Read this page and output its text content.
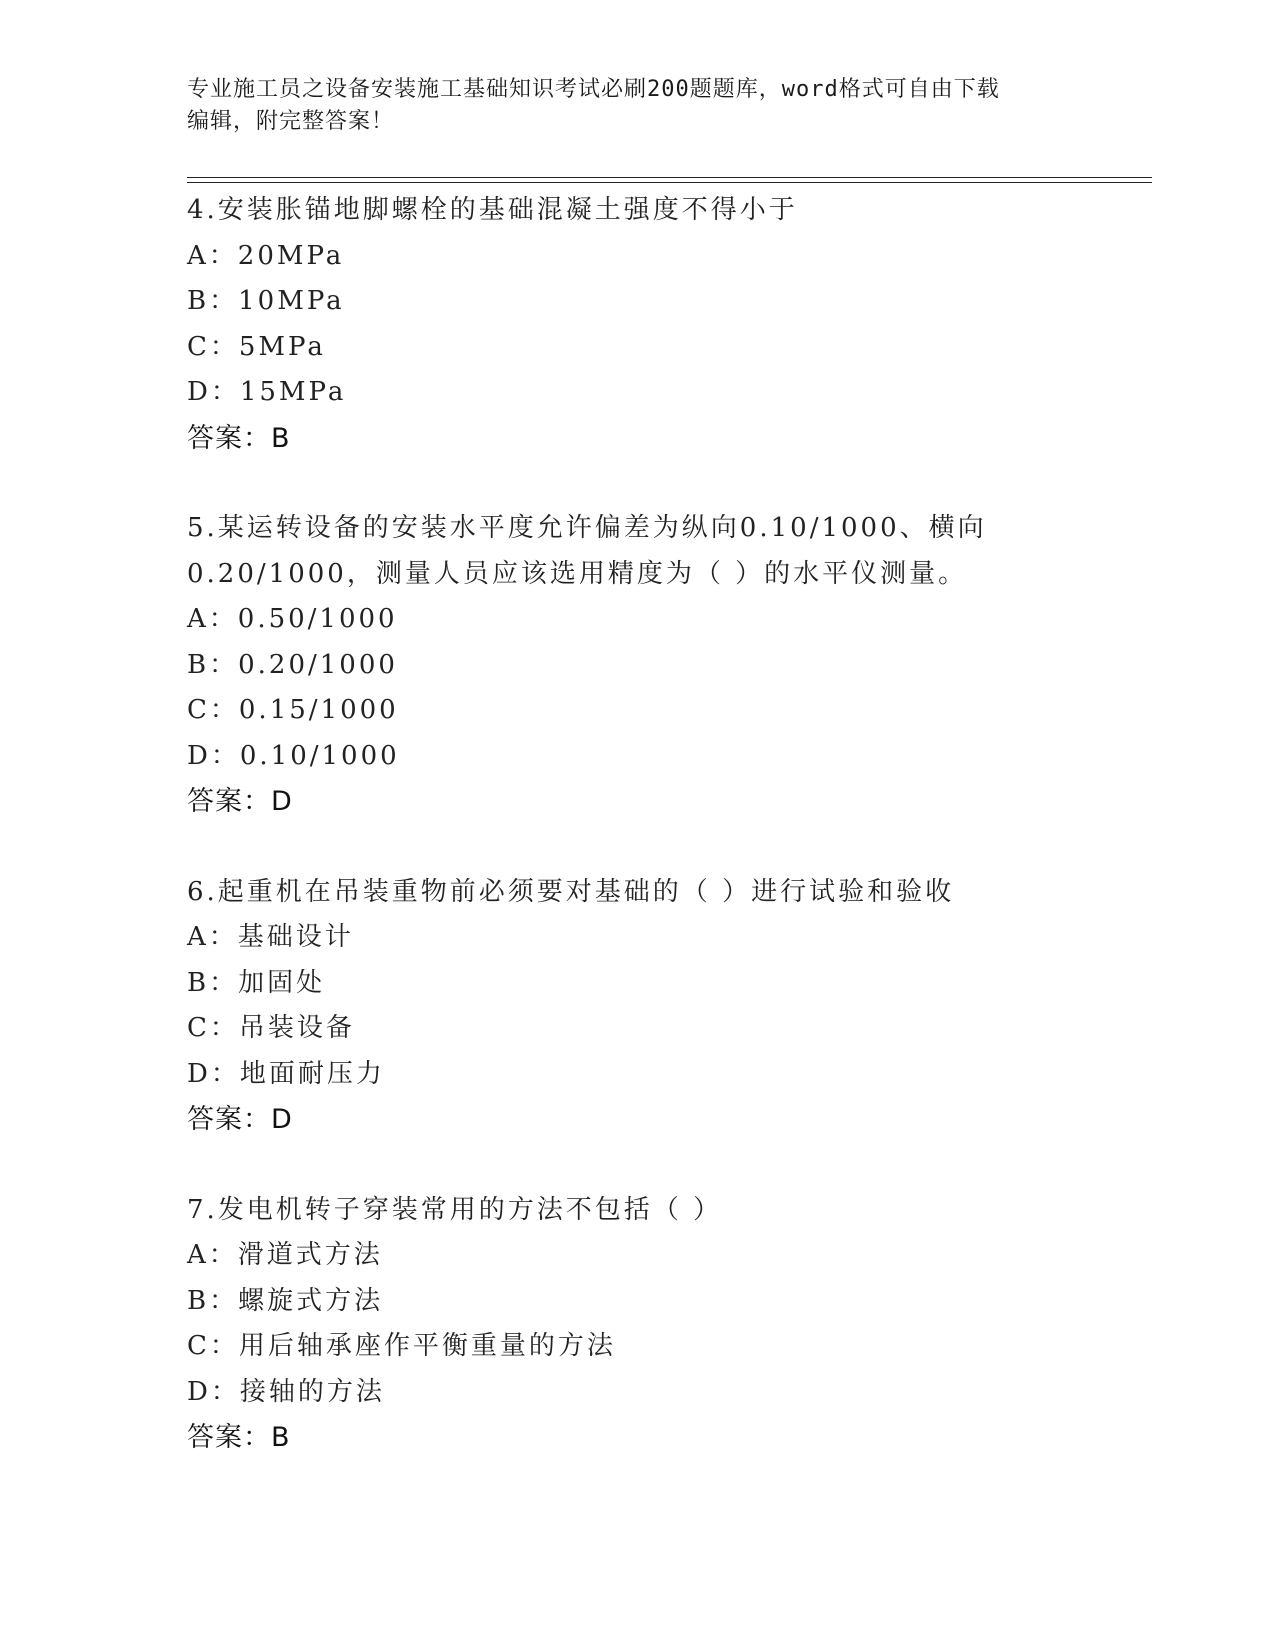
专业施工员之设备安装施工基础知识考试必刷200题题库，word格式可自由下载
编辑，附完整答案！
4.安装胀锚地脚螺栓的基础混凝土强度不得小于
A：20MPa
B：10MPa
C：5MPa
D：15MPa
答案：B
5.某运转设备的安装水平度允许偏差为纵向0.10/1000、横向
0.20/1000，测量人员应该选用精度为（ ）的水平仪测量。
A：0.50/1000
B：0.20/1000
C：0.15/1000
D：0.10/1000
答案：D
6.起重机在吊装重物前必须要对基础的（ ）进行试验和验收
A：基础设计
B：加固处
C：吊装设备
D：地面耐压力
答案：D
7.发电机转子穿装常用的方法不包括（ ）
A：滑道式方法
B：螺旋式方法
C：用后轴承座作平衡重量的方法
D：接轴的方法
答案：B
